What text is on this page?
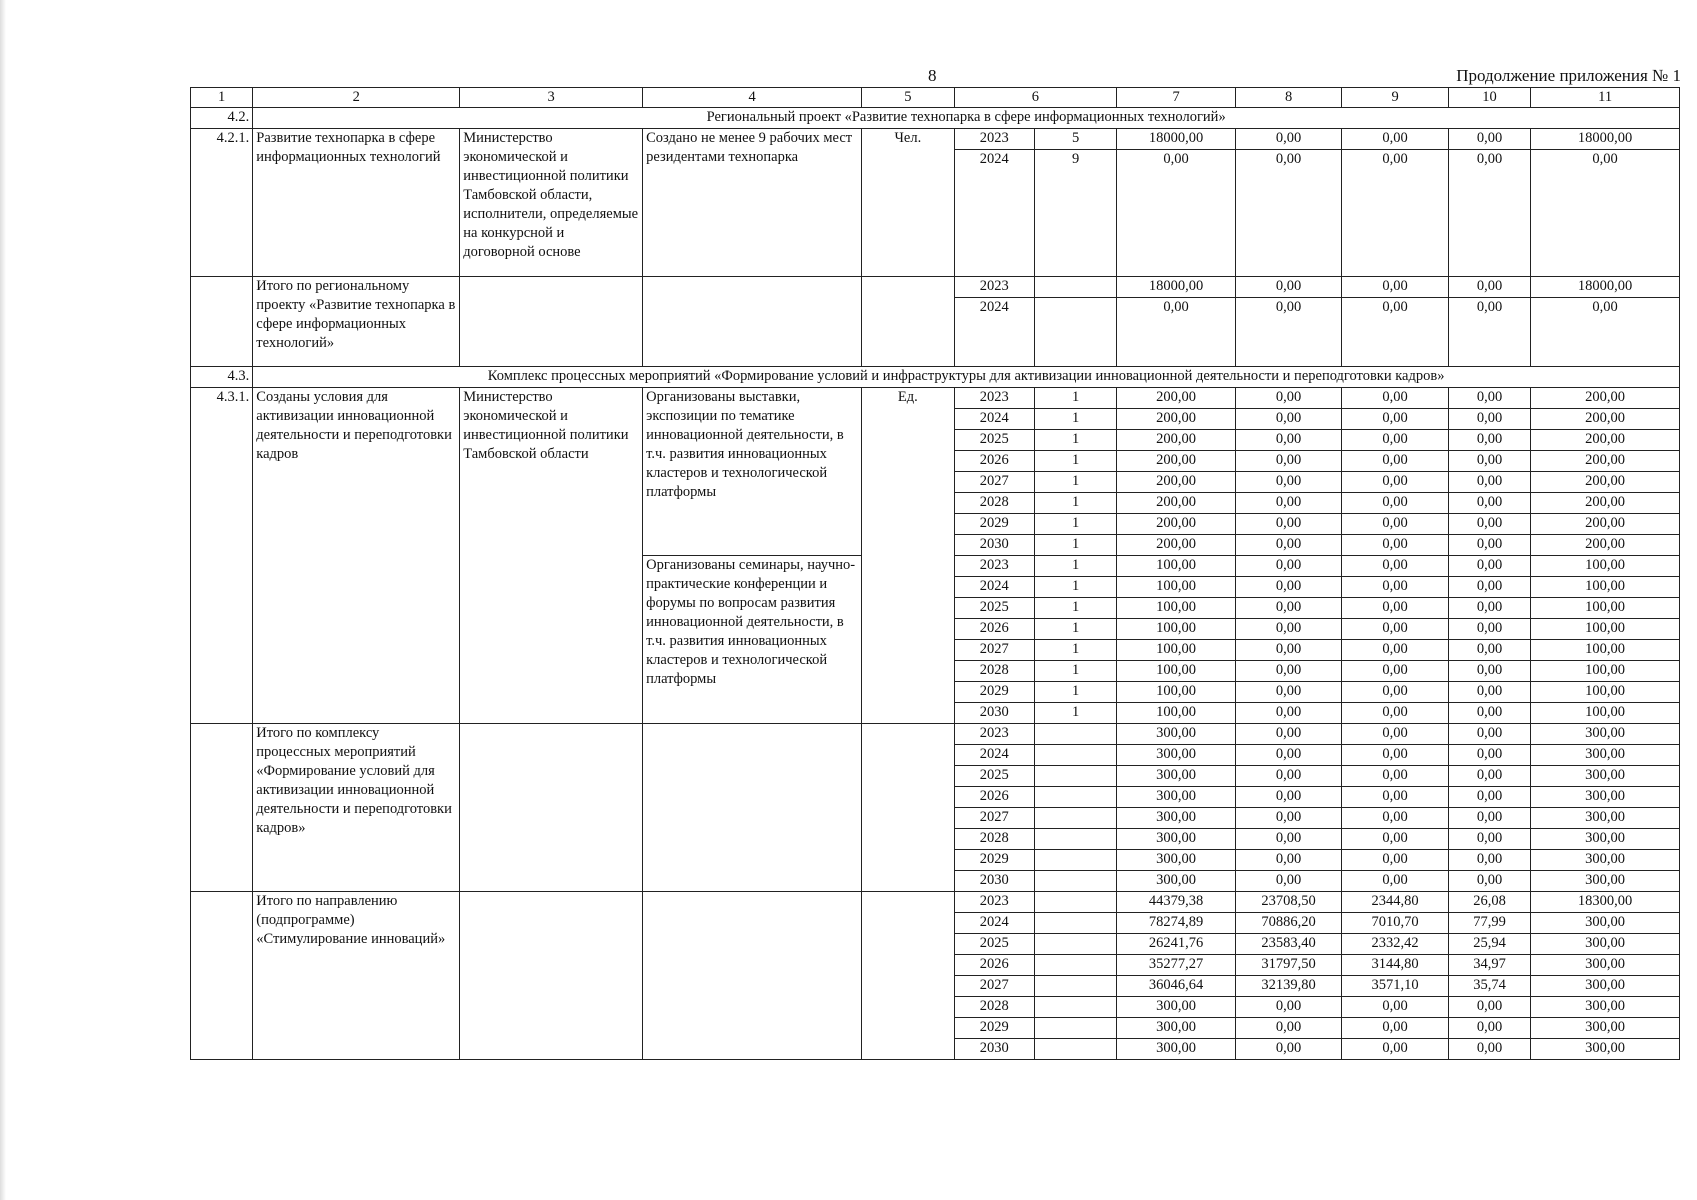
8	Продолжение приложения № 1
1	2	3	4	5	6		7	8	9	10	11
4.2.	Региональный проект «Развитие технопарка в сфере информационных технологий»										
4.2.1.	Развитие технопарка в сфере информационных технологий	Министерство экономической и инвестиционной политики Тамбовской области, исполнители, определяемые на конкурсной и договорной основе	Создано не менее 9 рабочих мест резидентами технопарка	Чел.	2023	5	18000,00	0,00	0,00	0,00	18000,00
					2024	9	0,00	0,00	0,00	0,00	0,00
	Итого по региональному проекту «Развитие технопарка в сфере информационных технологий»				2023		18000,00	0,00	0,00	0,00	18000,00
					2024		0,00	0,00	0,00	0,00	0,00
4.3.	Комплекс процессных мероприятий «Формирование условий и инфраструктуры для активизации инновационной деятельности и переподготовки кадров»										
4.3.1.	Созданы условия для активизации инновационной деятельности и переподготовки кадров	Министерство экономической и инвестиционной политики Тамбовской области	Организованы выставки, экспозиции по тематике инновационной деятельности, в т.ч. развития инновационных кластеров и технологической платформы	Ед.	2023	1	200,00	0,00	0,00	0,00	200,00
					2024	1	200,00	0,00	0,00	0,00	200,00
					2025	1	200,00	0,00	0,00	0,00	200,00
					2026	1	200,00	0,00	0,00	0,00	200,00
					2027	1	200,00	0,00	0,00	0,00	200,00
					2028	1	200,00	0,00	0,00	0,00	200,00
					2029	1	200,00	0,00	0,00	0,00	200,00
					2030	1	200,00	0,00	0,00	0,00	200,00
			Организованы семинары, научно-практические конференции и форумы по вопросам развития инновационной деятельности, в т.ч. развития инновационных кластеров и технологической платформы		2023	1	100,00	0,00	0,00	0,00	100,00
					2024	1	100,00	0,00	0,00	0,00	100,00
					2025	1	100,00	0,00	0,00	0,00	100,00
					2026	1	100,00	0,00	0,00	0,00	100,00
					2027	1	100,00	0,00	0,00	0,00	100,00
					2028	1	100,00	0,00	0,00	0,00	100,00
					2029	1	100,00	0,00	0,00	0,00	100,00
					2030	1	100,00	0,00	0,00	0,00	100,00
	Итого по комплексу процессных мероприятий «Формирование условий для активизации инновационной деятельности и переподготовки кадров»				2023		300,00	0,00	0,00	0,00	300,00
					2024		300,00	0,00	0,00	0,00	300,00
					2025		300,00	0,00	0,00	0,00	300,00
					2026		300,00	0,00	0,00	0,00	300,00
					2027		300,00	0,00	0,00	0,00	300,00
					2028		300,00	0,00	0,00	0,00	300,00
					2029		300,00	0,00	0,00	0,00	300,00
					2030		300,00	0,00	0,00	0,00	300,00
	Итого по направлению (подпрограмме) «Стимулирование инноваций»				2023		44379,38	23708,50	2344,80	26,08	18300,00
					2024		78274,89	70886,20	7010,70	77,99	300,00
					2025		26241,76	23583,40	2332,42	25,94	300,00
					2026		35277,27	31797,50	3144,80	34,97	300,00
					2027		36046,64	32139,80	3571,10	35,74	300,00
					2028		300,00	0,00	0,00	0,00	300,00
					2029		300,00	0,00	0,00	0,00	300,00
					2030		300,00	0,00	0,00	0,00	300,00
